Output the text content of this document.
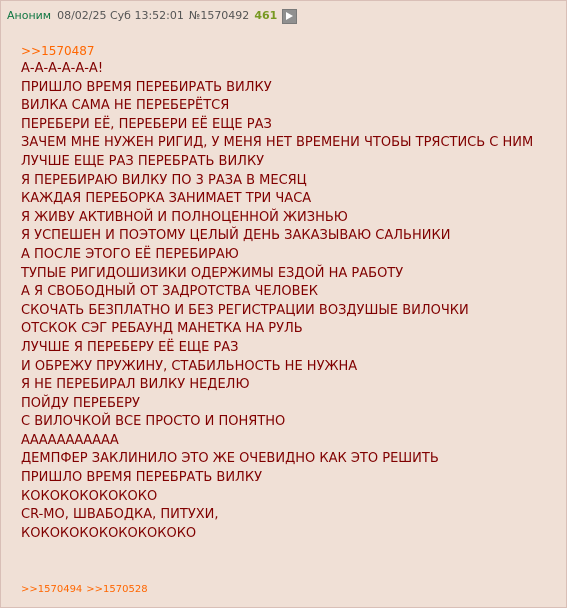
Аноним 08/02/25 Суб 13:52:01 №1570492 461
>>1570487
А-А-А-А-А-А!
ПРИШЛО ВРЕМЯ ПЕРЕБИРАТЬ ВИЛКУ
ВИЛКА САМА НЕ ПЕРЕБЕРЁТСЯ
ПЕРЕБЕРИ ЕЁ, ПЕРЕБЕРИ ЕЁ ЕЩЕ РАЗ
ЗАЧЕМ МНЕ НУЖЕН РИГИД, У МЕНЯ НЕТ ВРЕМЕНИ ЧТОБЫ ТРЯСТИСЬ С НИМ
ЛУЧШЕ ЕЩЕ РАЗ ПЕРЕБРАТЬ ВИЛКУ
Я ПЕРЕБИРАЮ ВИЛКУ ПО 3 РАЗА В МЕСЯЦ
КАЖДАЯ ПЕРЕБОРКА ЗАНИМАЕТ ТРИ ЧАСА
Я ЖИВУ АКТИВНОЙ И ПОЛНОЦЕННОЙ ЖИЗНЬЮ
Я УСПЕШЕН И ПОЭТОМУ ЦЕЛЫЙ ДЕНЬ ЗАКАЗЫВАЮ САЛЬНИКИ
А ПОСЛЕ ЭТОГО ЕЁ ПЕРЕБИРАЮ
ТУПЫЕ РИГИДОШИЗИКИ ОДЕРЖИМЫ ЕЗДОЙ НА РАБОТУ
А Я СВОБОДНЫЙ ОТ ЗАДРОТСТВА ЧЕЛОВЕК
СКОЧАТЬ БЕЗПЛАТНО И БЕЗ РЕГИСТРАЦИИ ВОЗДУШЫЕ ВИЛОЧКИ
ОТСКОК СЭГ РЕБАУНД МАНЕТКА НА РУЛЬ
ЛУЧШЕ Я ПЕРЕБЕРУ ЕЁ ЕЩЕ РАЗ
И ОБРЕЖУ ПРУЖИНУ, СТАБИЛЬНОСТЬ НЕ НУЖНА
Я НЕ ПЕРЕБИРАЛ ВИЛКУ НЕДЕЛЮ
ПОЙДУ ПЕРЕБЕРУ
С ВИЛОЧКОЙ ВСЕ ПРОСТО И ПОНЯТНО
ААААААААААА
ДЕМПФЕР ЗАКЛИНИЛО ЭТО ЖЕ ОЧЕВИДНО КАК ЭТО РЕШИТЬ
ПРИШЛО ВРЕМЯ ПЕРЕБРАТЬ ВИЛКУ
КОКОКОКОКОКОКО
CR-MO, ШВАБОДКА, ПИТУХИ,
КОКОКОКОКОКОКОКОКО
>>1570494 >>1570528
